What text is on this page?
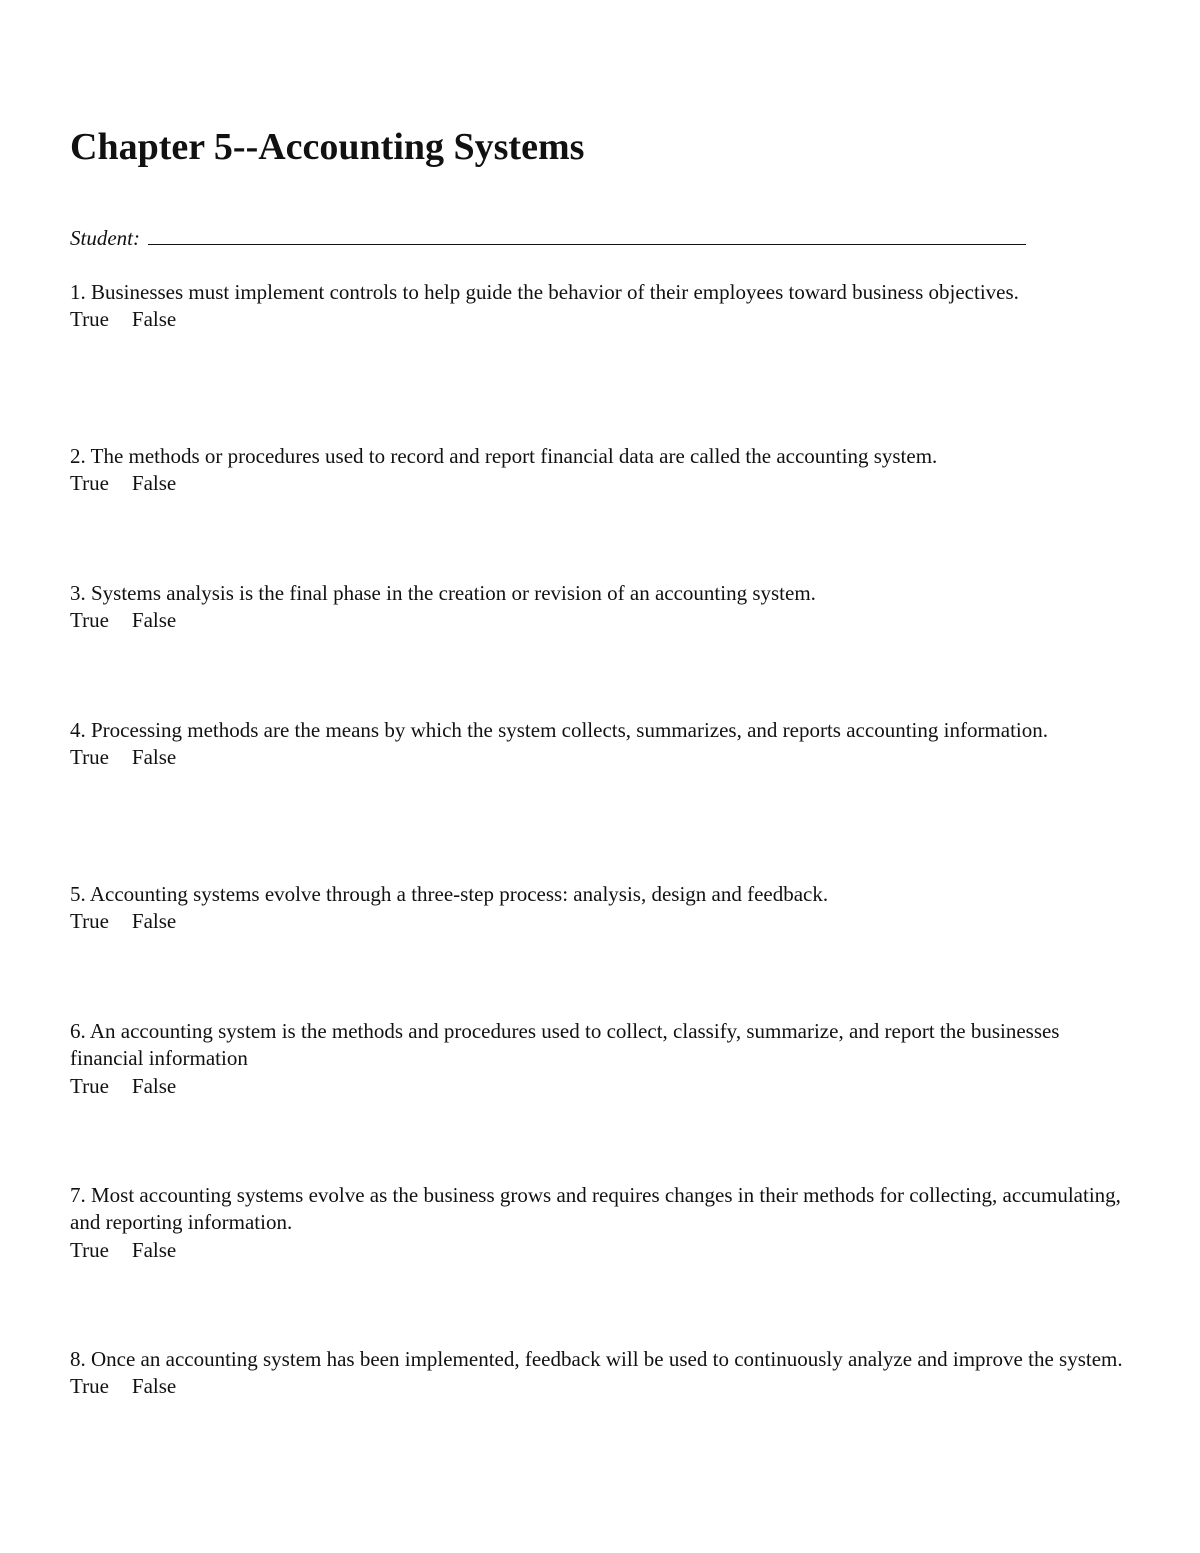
Chapter 5--Accounting Systems
Student:

1. Businesses must implement controls to help guide the behavior of their employees toward business objectives.

True False

2. The methods or procedures used to record and report financial data are called the accounting system.

True False

3. Systems analysis is the final phase in the creation or revision of an accounting system.

True False

4. Processing methods are the means by which the system collects, summarizes, and reports accounting information.

True False

5. Accounting systems evolve through a three-step process: analysis, design and feedback.

True False

6. An accounting system is the methods and procedures used to collect, classify, summarize, and report the businesses financial information

True False

7. Most accounting systems evolve as the business grows and requires changes in their methods for collecting, accumulating, and reporting information.

True False

8. Once an accounting system has been implemented, feedback will be used to continuously analyze and improve the system.

True False
